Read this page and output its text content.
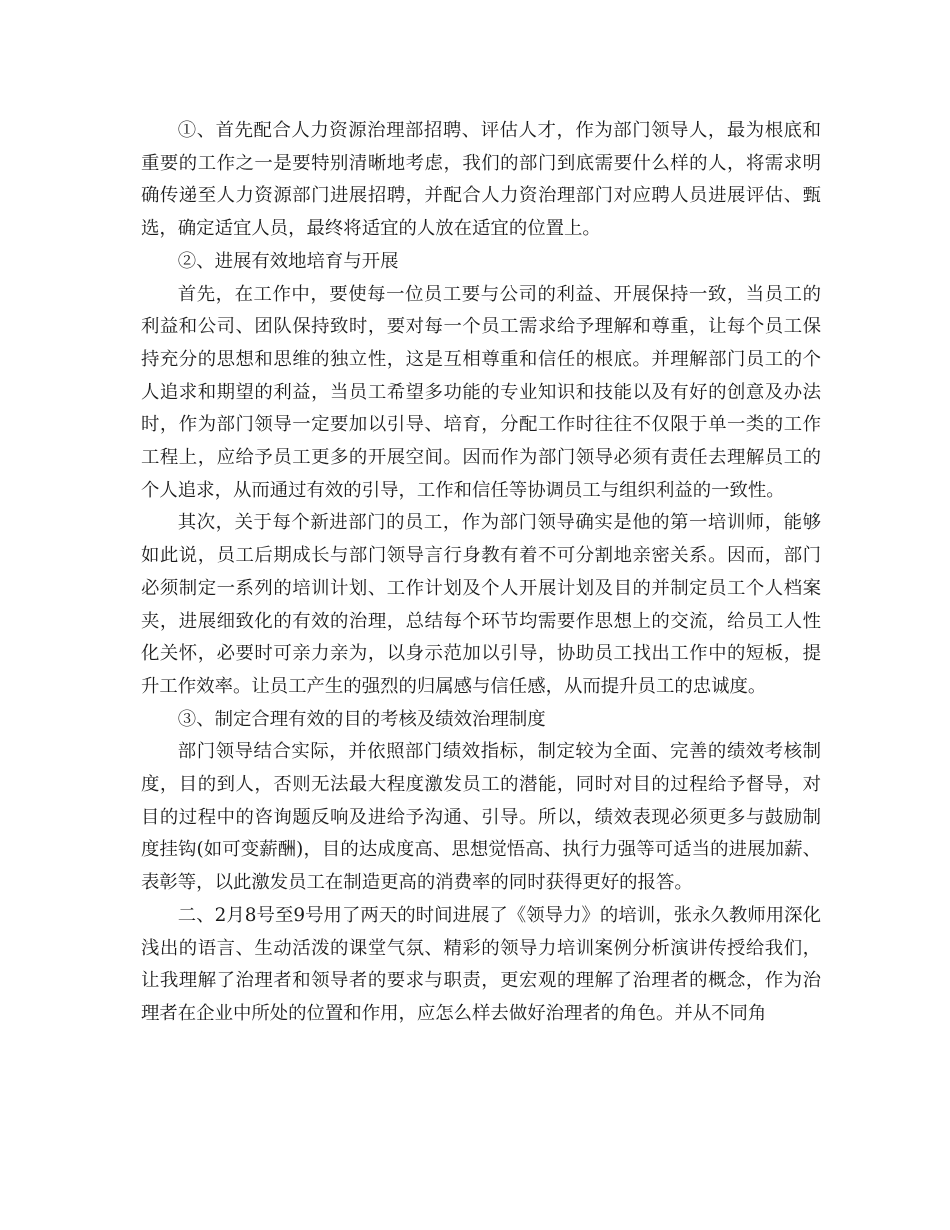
①、首先配合人力资源治理部招聘、评估人才，作为部门领导人，最为根底和重要的工作之一是要特别清晰地考虑，我们的部门到底需要什么样的人，将需求明确传递至人力资源部门进展招聘，并配合人力资治理部门对应聘人员进展评估、甄选，确定适宜人员，最终将适宜的人放在适宜的位置上。

②、进展有效地培育与开展

首先，在工作中，要使每一位员工要与公司的利益、开展保持一致，当员工的利益和公司、团队保持致时，要对每一个员工需求给予理解和尊重，让每个员工保持充分的思想和思维的独立性，这是互相尊重和信任的根底。并理解部门员工的个人追求和期望的利益，当员工希望多功能的专业知识和技能以及有好的创意及办法时，作为部门领导一定要加以引导、培育，分配工作时往往不仅限于单一类的工作工程上，应给予员工更多的开展空间。因而作为部门领导必须有责任去理解员工的个人追求，从而通过有效的引导，工作和信任等协调员工与组织利益的一致性。

其次，关于每个新进部门的员工，作为部门领导确实是他的第一培训师，能够如此说，员工后期成长与部门领导言行身教有着不可分割地亲密关系。因而，部门必须制定一系列的培训计划、工作计划及个人开展计划及目的并制定员工个人档案夹，进展细致化的有效的治理，总结每个环节均需要作思想上的交流，给员工人性化关怀，必要时可亲力亲为，以身示范加以引导，协助员工找出工作中的短板，提升工作效率。让员工产生的强烈的归属感与信任感，从而提升员工的忠诚度。

③、制定合理有效的目的考核及绩效治理制度

部门领导结合实际，并依照部门绩效指标，制定较为全面、完善的绩效考核制度，目的到人，否则无法最大程度激发员工的潜能，同时对目的过程给予督导，对目的过程中的咨询题反响及进给予沟通、引导。所以，绩效表现必须更多与鼓励制度挂钩(如可变薪酬)，目的达成度高、思想觉悟高、执行力强等可适当的进展加薪、表彰等，以此激发员工在制造更高的消费率的同时获得更好的报答。

二、2月8号至9号用了两天的时间进展了《领导力》的培训，张永久教师用深化浅出的语言、生动活泼的课堂气氛、精彩的领导力培训案例分析演讲传授给我们，让我理解了治理者和领导者的要求与职责，更宏观的理解了治理者的概念，作为治理者在企业中所处的位置和作用，应怎么样去做好治理者的角色。并从不同角
